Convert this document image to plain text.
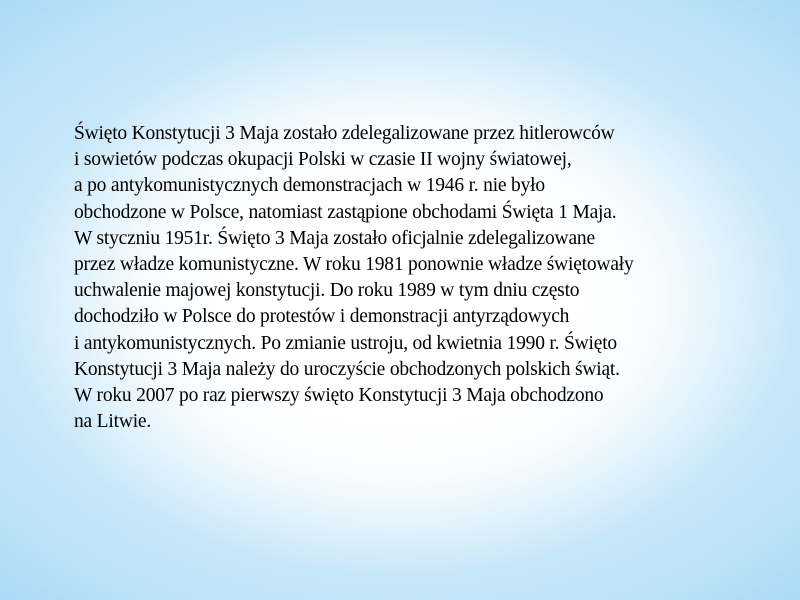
Święto Konstytucji 3 Maja zostało zdelegalizowane przez hitlerowców
i sowietów podczas okupacji Polski w czasie II wojny światowej,
a po antykomunistycznych demonstracjach w 1946 r. nie było
obchodzone w Polsce, natomiast zastąpione obchodami Święta 1 Maja.
W styczniu 1951r. Święto 3 Maja zostało oficjalnie zdelegalizowane
przez władze komunistyczne. W roku 1981 ponownie władze świętowały
uchwalenie majowej konstytucji. Do roku 1989 w tym dniu często
dochodziło w Polsce do protestów i demonstracji antyrządowych
i antykomunistycznych. Po zmianie ustroju, od kwietnia 1990 r. Święto
Konstytucji 3 Maja należy do uroczyście obchodzonych polskich świąt.
W roku 2007 po raz pierwszy święto Konstytucji 3 Maja obchodzono
na Litwie.
